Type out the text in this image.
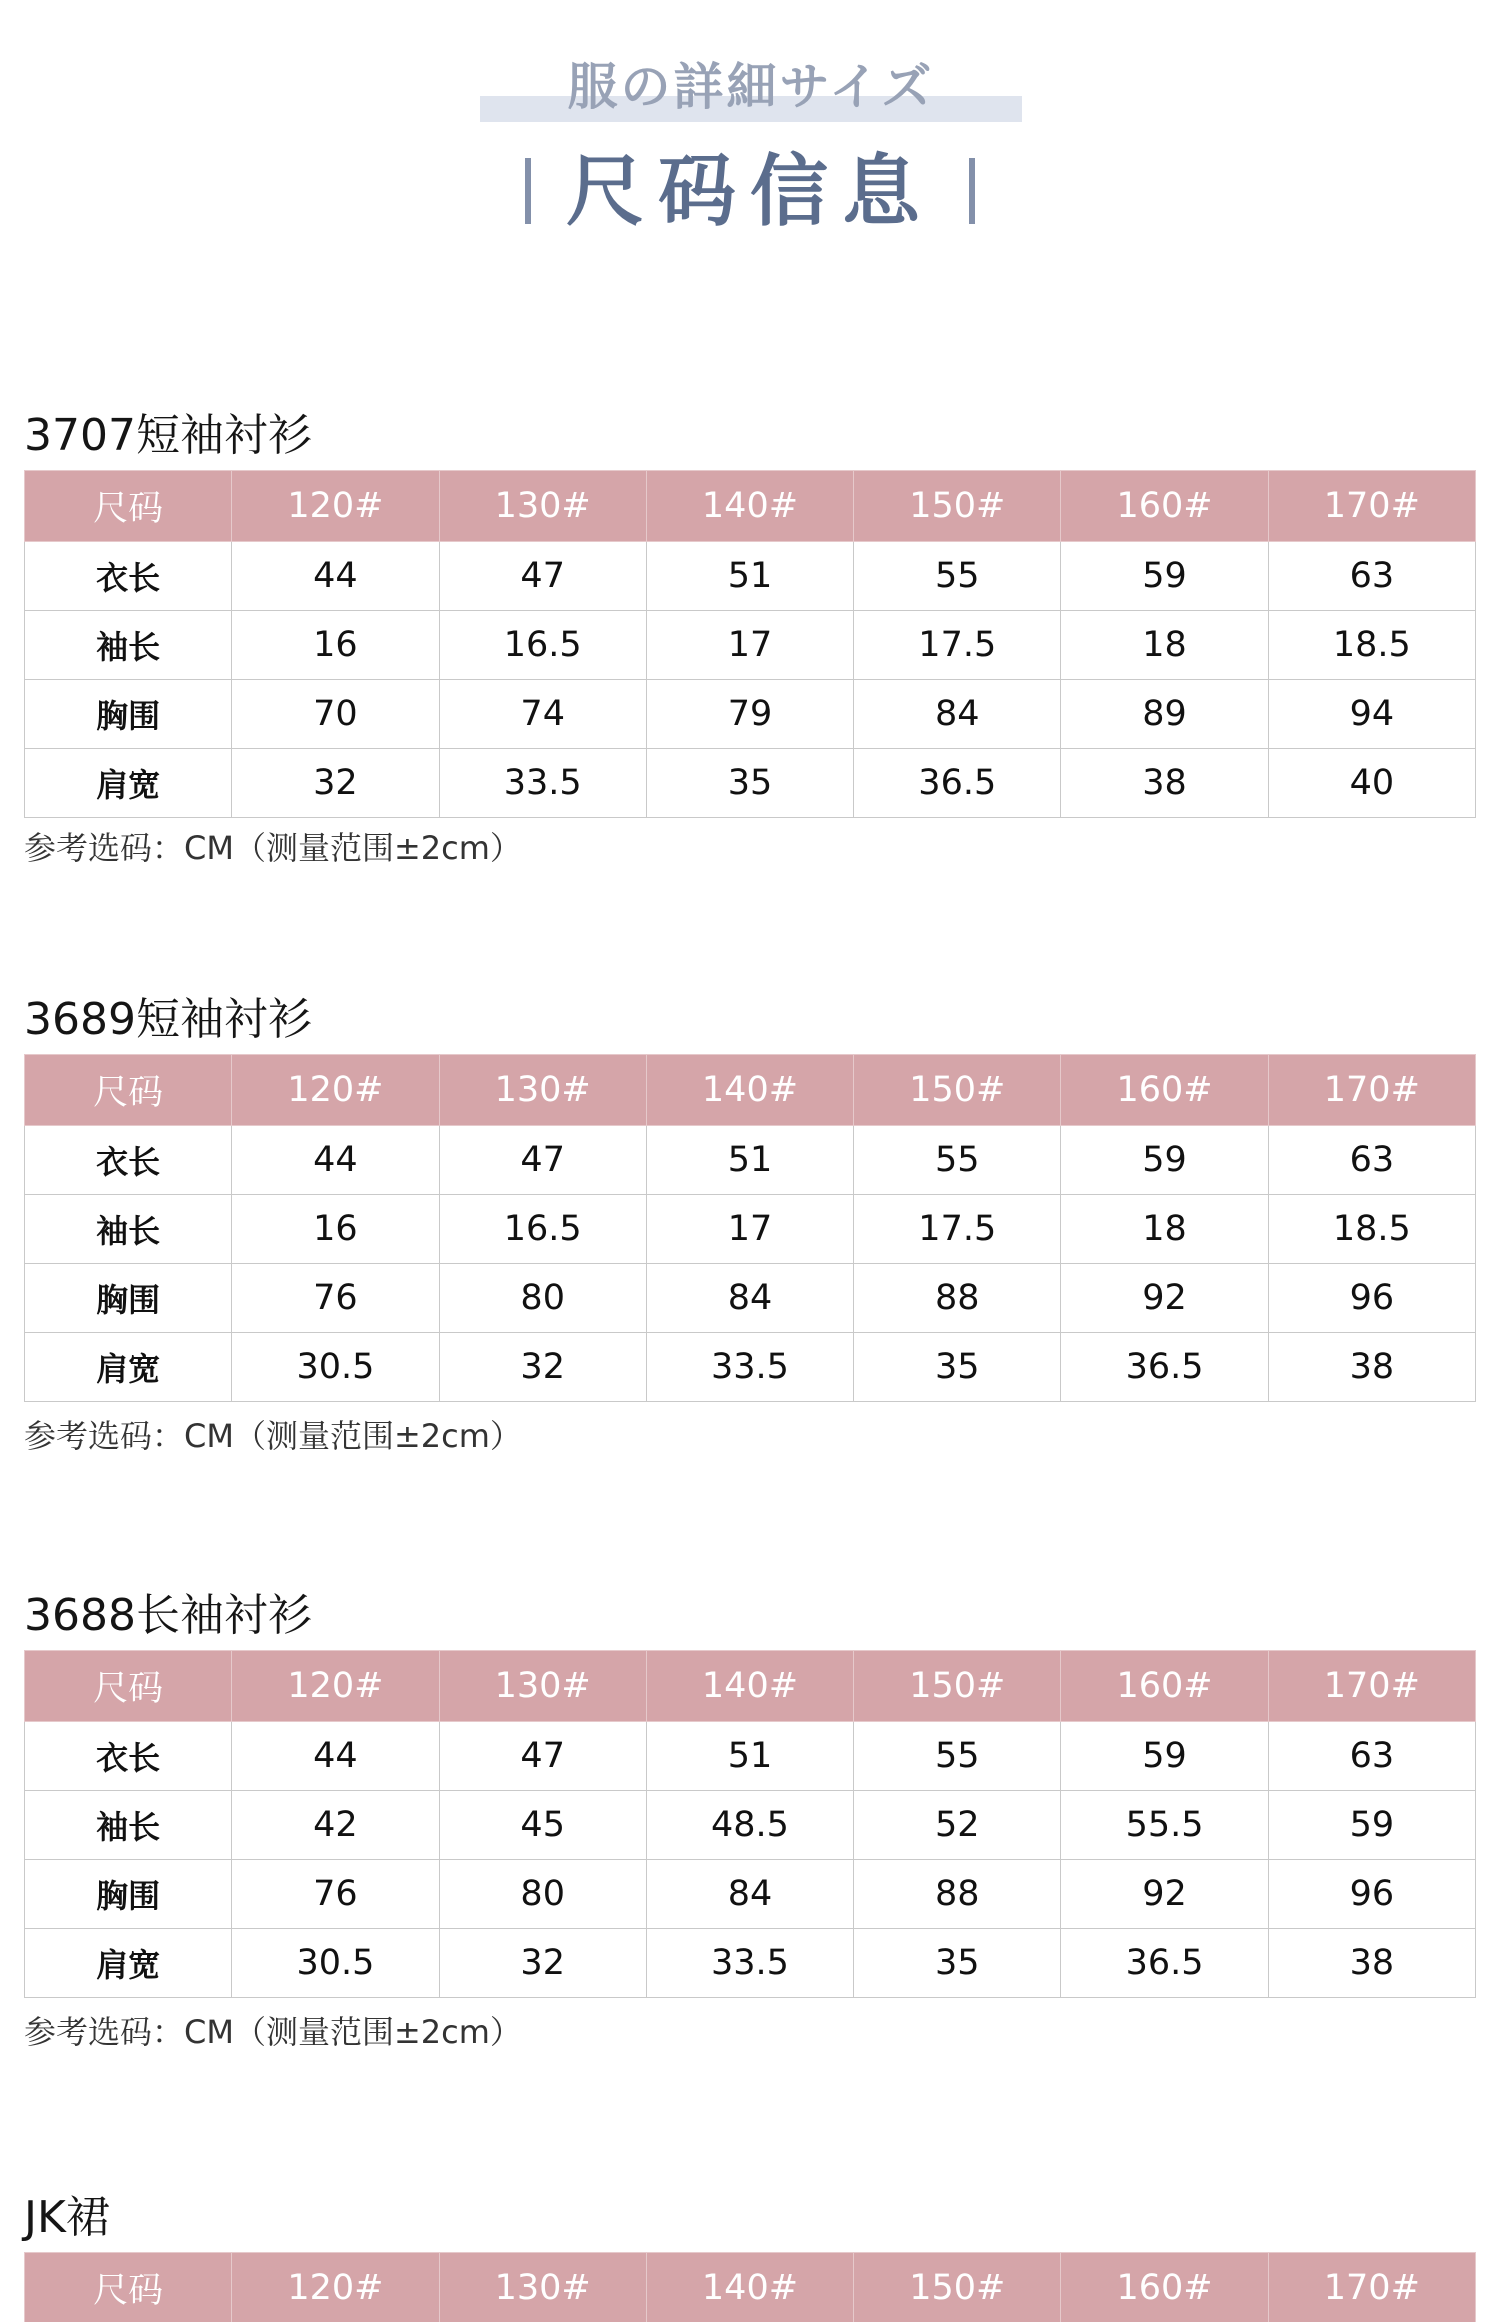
服の詳細サイズ
尺码信息
3707短袖衬衫
尺码	120#	130#	140#	150#	160#	170#
衣长	44	47	51	55	59	63
袖长	16	16.5	17	17.5	18	18.5
胸围	70	74	79	84	89	94
肩宽	32	33.5	35	36.5	38	40
参考选码：CM（测量范围±2cm）
3689短袖衬衫
尺码	120#	130#	140#	150#	160#	170#
衣长	44	47	51	55	59	63
袖长	16	16.5	17	17.5	18	18.5
胸围	76	80	84	88	92	96
肩宽	30.5	32	33.5	35	36.5	38
参考选码：CM（测量范围±2cm）
3688长袖衬衫
尺码	120#	130#	140#	150#	160#	170#
衣长	44	47	51	55	59	63
袖长	42	45	48.5	52	55.5	59
胸围	76	80	84	88	92	96
肩宽	30.5	32	33.5	35	36.5	38
参考选码：CM（测量范围±2cm）
JK裙
尺码	120#	130#	140#	150#	160#	170#
